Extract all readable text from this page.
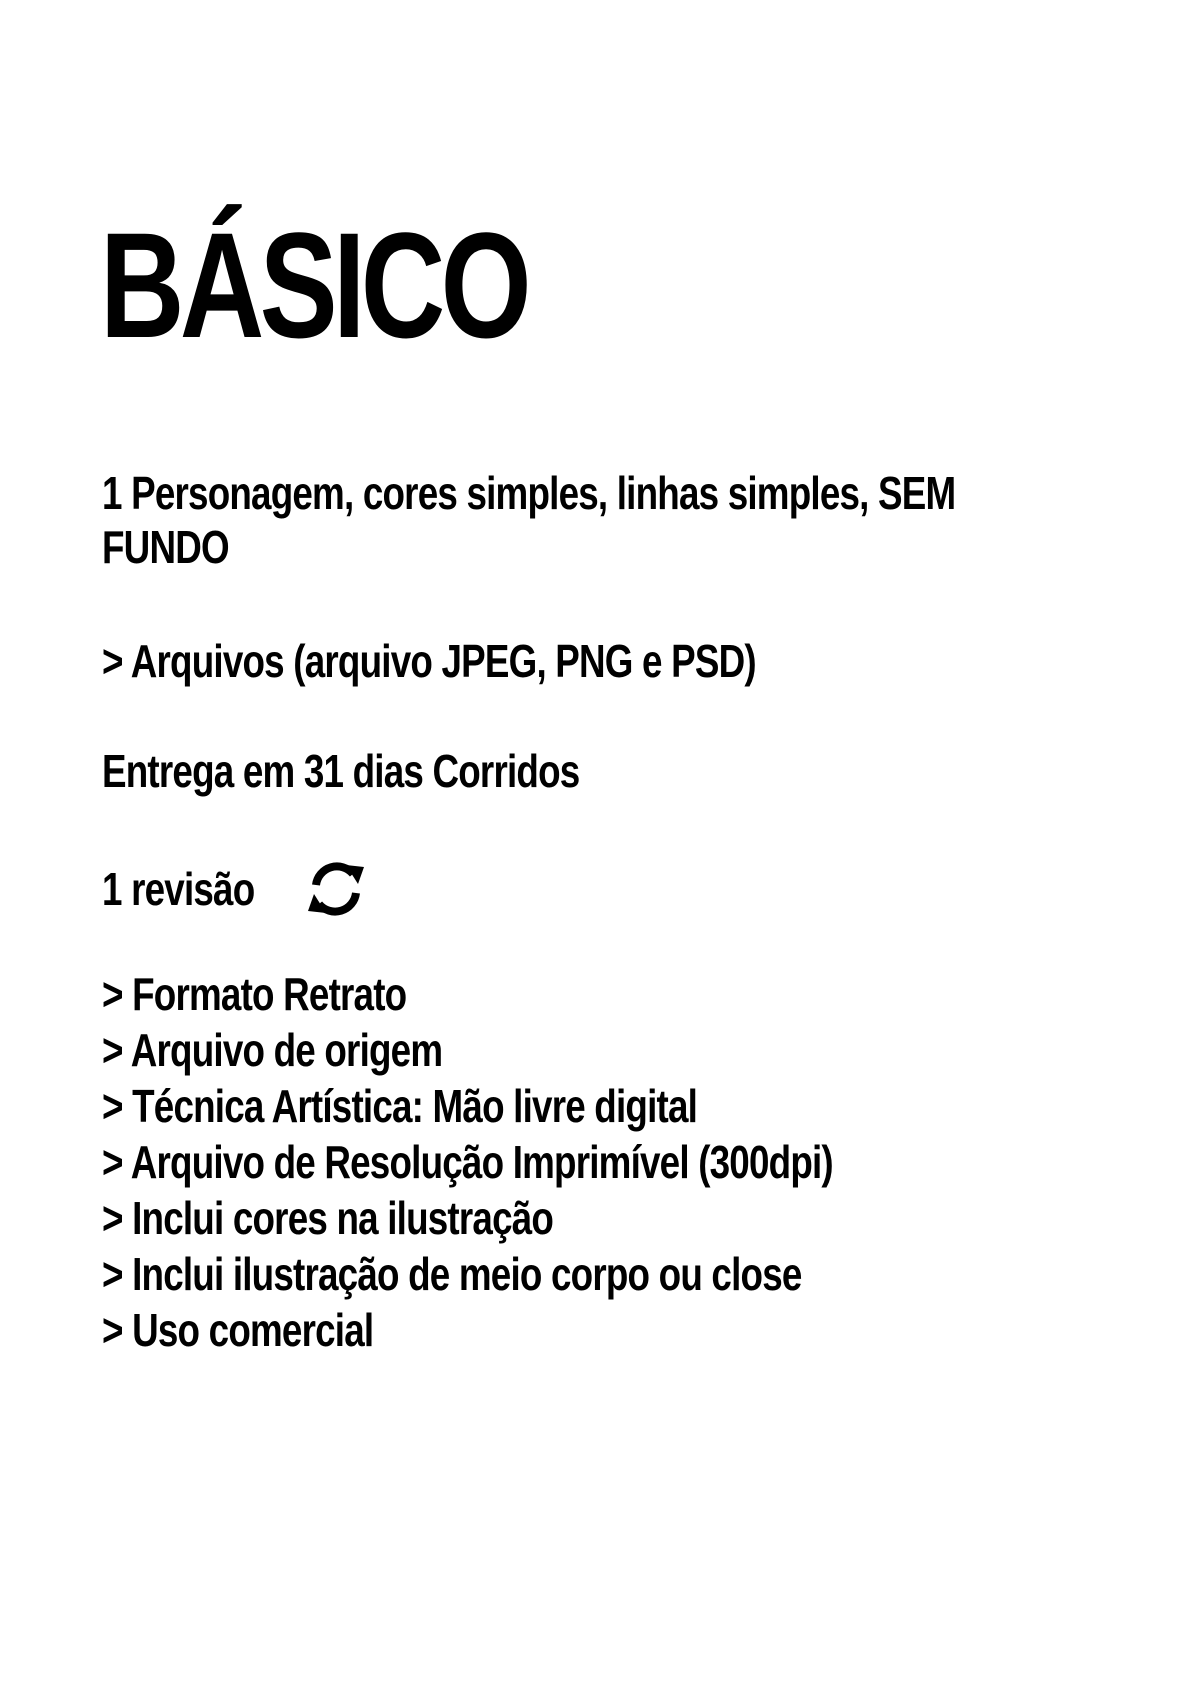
BÁSICO
1 Personagem, cores simples, linhas simples, SEM
FUNDO

> Arquivos (arquivo JPEG, PNG e PSD)

Entrega em 31 dias Corridos

1 revisão
> Formato Retrato
> Arquivo de origem
> Técnica Artística: Mão livre digital
> Arquivo de Resolução Imprimível (300dpi)
> Inclui cores na ilustração
> Inclui ilustração de meio corpo ou close
> Uso comercial
